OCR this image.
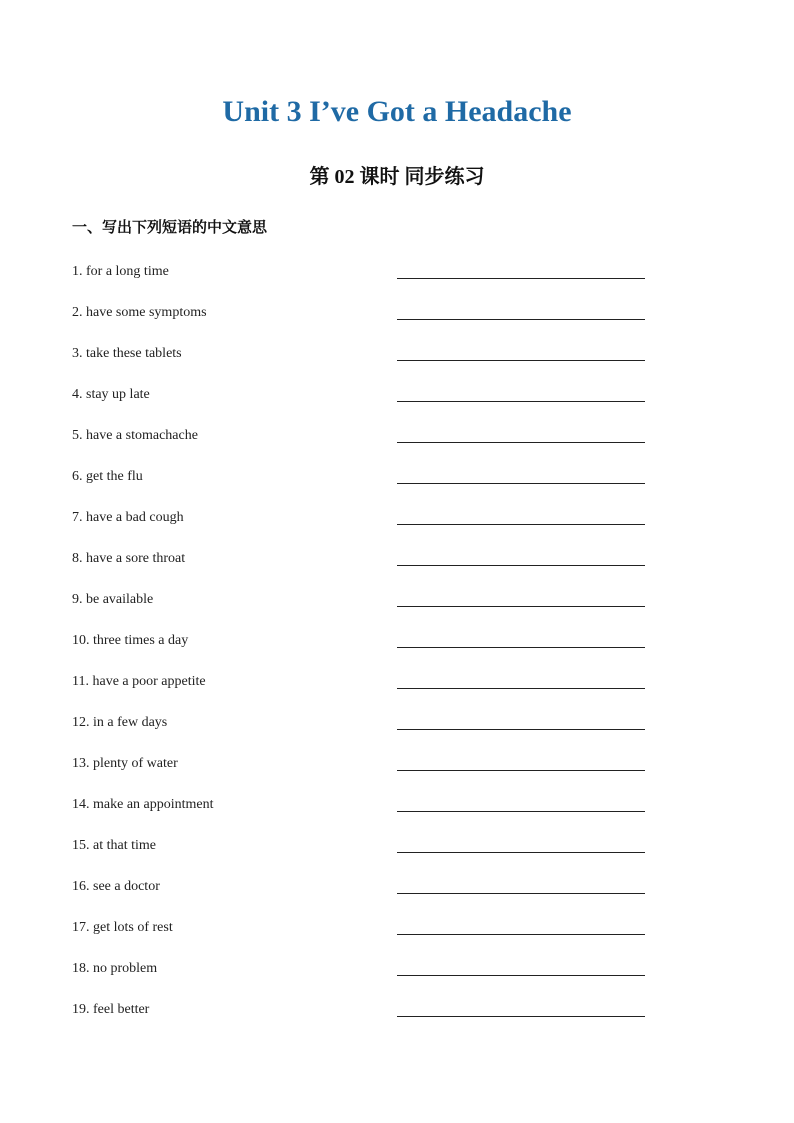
Unit 3 I’ve Got a Headache
第 02 课时 同步练习
一、写出下列短语的中文意思
1. for a long time
2. have some symptoms
3. take these tablets
4. stay up late
5. have a stomachache
6. get the flu
7. have a bad cough
8. have a sore throat
9. be available
10. three times a day
11. have a poor appetite
12. in a few days
13. plenty of water
14. make an appointment
15. at that time
16. see a doctor
17. get lots of rest
18. no problem
19. feel better
